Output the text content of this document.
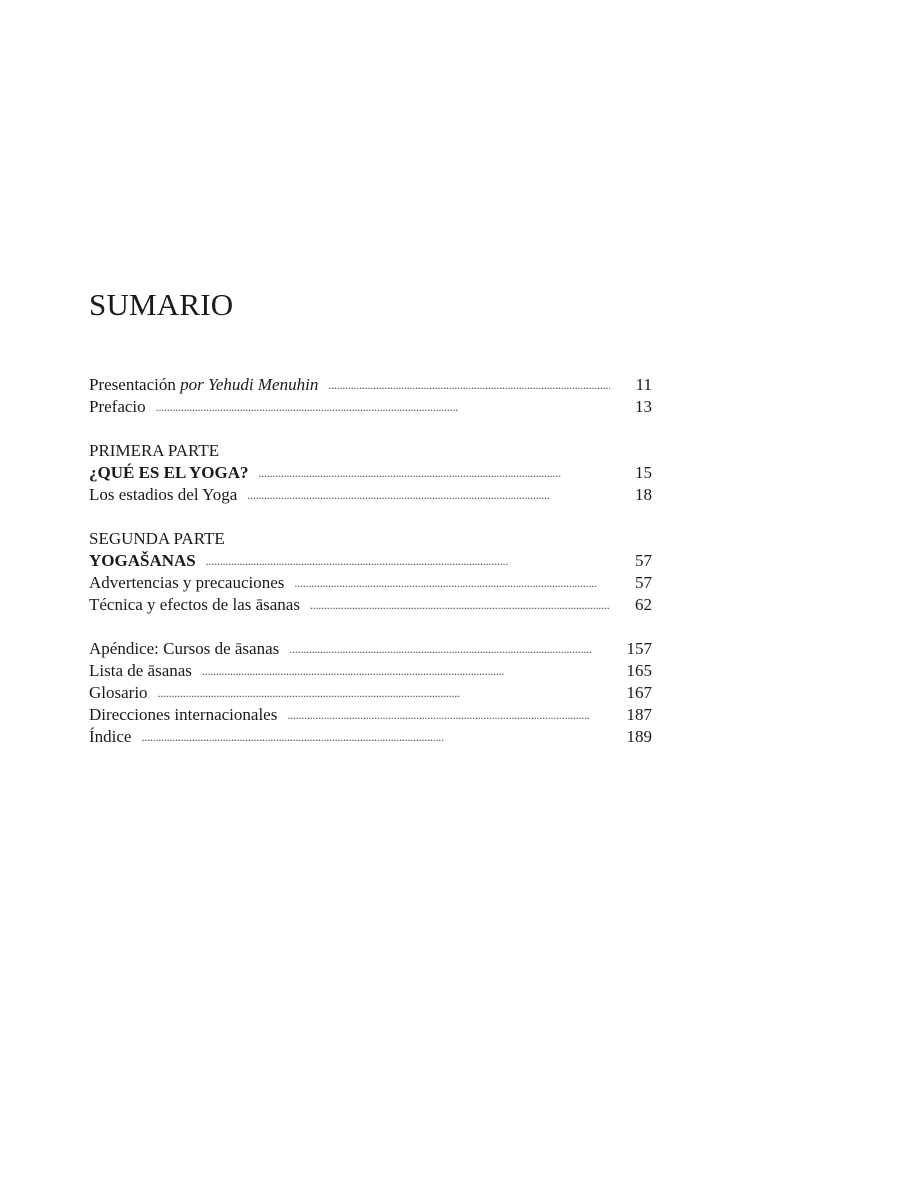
SUMARIO
Presentación por Yehudi Menuhin . . .	11
Prefacio . . .	13
PRIMERA PARTE
¿QUÉ ES EL YOGA? . . .	15
Los estadios del Yoga . . .	18
SEGUNDA PARTE
YOGAŠANAS . . .	57
Advertencias y precauciones . . .	57
Técnica y efectos de las āsanas . . .	62
Apéndice: Cursos de āsanas . . .	157
Lista de āsanas . . .	165
Glosario . . .	167
Direcciones internacionales . . .	187
Índice . . .	189
